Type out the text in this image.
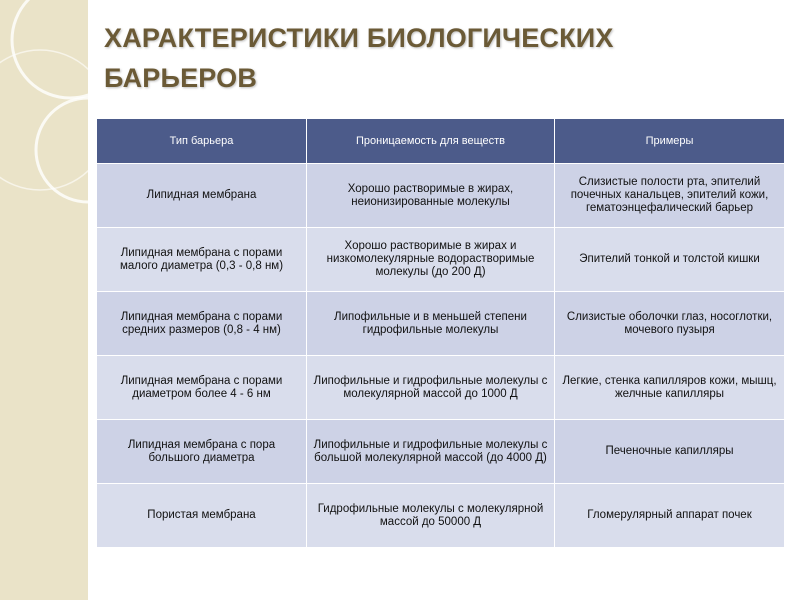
ХАРАКТЕРИСТИКИ БИОЛОГИЧЕСКИХ БАРЬЕРОВ
Тип барьера	Проницаемость для веществ	Примеры
Липидная мембрана	Хорошо растворимые в жирах, неионизированные молекулы	Слизистые полости рта, эпителий почечных канальцев, эпителий кожи, гематоэнцефалический барьер
Липидная мембрана с порами малого диаметра (0,3 - 0,8 нм)	Хорошо растворимые в жирах и низкомолекулярные водорастворимые молекулы (до 200 Д)	Эпителий тонкой и толстой кишки
Липидная мембрана с порами средних размеров (0,8 - 4 нм)	Липофильные и в меньшей степени гидрофильные молекулы	Слизистые оболочки глаз, носоглотки, мочевого пузыря
Липидная мембрана с порами диаметром более 4 - 6 нм	Липофильные и гидрофильные молекулы с молекулярной массой до 1000 Д	Легкие, стенка капилляров кожи, мышц, желчные капилляры
Липидная мембрана с пора большого диаметра	Липофильные и гидрофильные молекулы с большой молекулярной массой (до 4000 Д)	Печеночные капилляры
Пористая мембрана	Гидрофильные молекулы с молекулярной массой до 50000 Д	Гломерулярный аппарат почек
